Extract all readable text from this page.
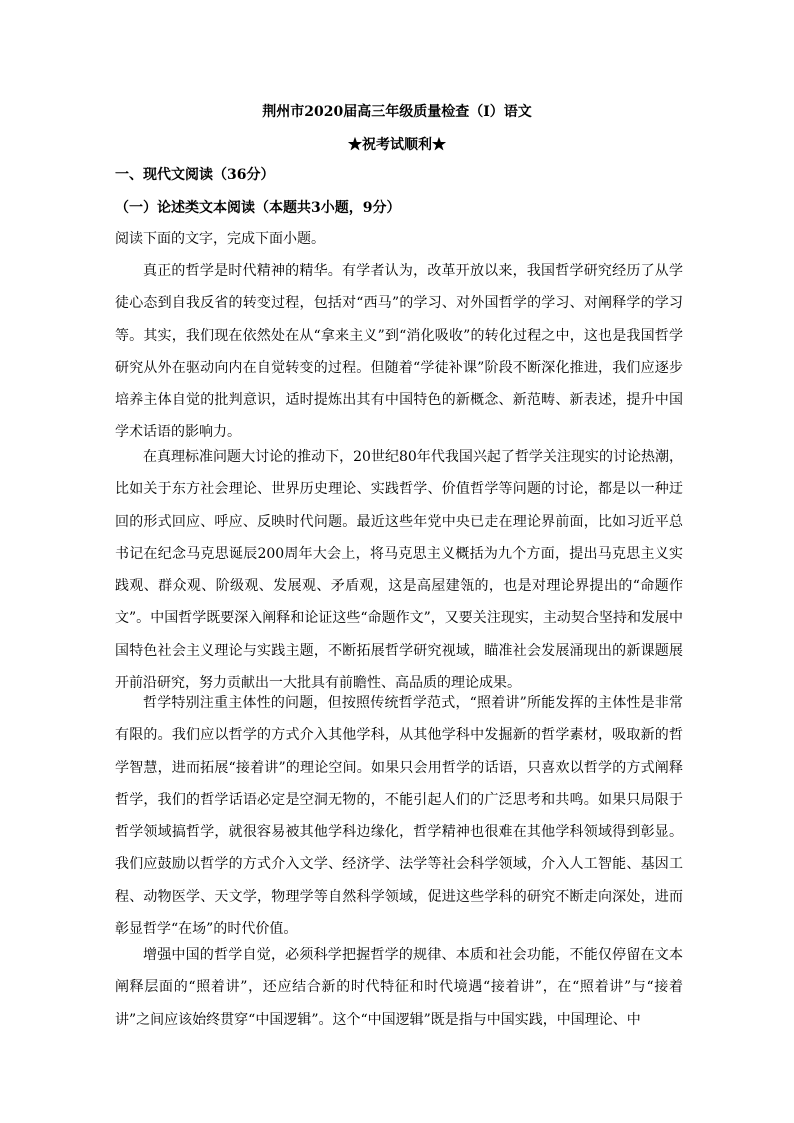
荆州市2020届高三年级质量检查（Ⅰ）语文
★祝考试顺利★
一、现代文阅读（36分）
（一）论述类文本阅读（本题共3小题，9分）
阅读下面的文字，完成下面小题。
真正的哲学是时代精神的精华。有学者认为，改革开放以来，我国哲学研究经历了从学徒心态到自我反省的转变过程，包括对“西马”的学习、对外国哲学的学习、对阐释学的学习等。其实，我们现在依然处在从“拿来主义”到“消化吸收”的转化过程之中，这也是我国哲学研究从外在驱动向内在自觉转变的过程。但随着“学徒补课”阶段不断深化推进，我们应逐步培养主体自觉的批判意识，适时提炼出其有中国特色的新概念、新范畴、新表述，提升中国学术话语的影响力。
在真理标准问题大讨论的推动下，20世纪80年代我国兴起了哲学关注现实的讨论热潮，比如关于东方社会理论、世界历史理论、实践哲学、价值哲学等问题的讨论，都是以一种迂回的形式回应、呼应、反映时代问题。最近这些年党中央已走在理论界前面，比如习近平总书记在纪念马克思诞辰200周年大会上，将马克思主义概括为九个方面，提出马克思主义实践观、群众观、阶级观、发展观、矛盾观，这是高屋建瓴的，也是对理论界提出的“命题作文”。中国哲学既要深入阐释和论证这些“命题作文”，又要关注现实，主动契合坚持和发展中国特色社会主义理论与实践主题，不断拓展哲学研究视域，瞄准社会发展涌现出的新课题展开前沿研究，努力贡献出一大批具有前瞻性、高品质的理论成果。
哲学特别注重主体性的问题，但按照传统哲学范式，“照着讲”所能发挥的主体性是非常有限的。我们应以哲学的方式介入其他学科，从其他学科中发掘新的哲学素材，吸取新的哲学智慧，进而拓展“接着讲”的理论空间。如果只会用哲学的话语，只喜欢以哲学的方式阐释哲学，我们的哲学话语必定是空洞无物的，不能引起人们的广泛思考和共鸣。如果只局限于哲学领域搞哲学，就很容易被其他学科边缘化，哲学精神也很难在其他学科领域得到彰显。我们应鼓励以哲学的方式介入文学、经济学、法学等社会科学领域，介入人工智能、基因工程、动物医学、天文学，物理学等自然科学领域，促进这些学科的研究不断走向深处，进而彰显哲学“在场”的时代价值。
增强中国的哲学自觉，必须科学把握哲学的规律、本质和社会功能，不能仅停留在文本阐释层面的“照着讲”，还应结合新的时代特征和时代境遇“接着讲”，在“照着讲”与“接着讲”之间应该始终贯穿“中国逻辑”。这个“中国逻辑”既是指与中国实践，中国理论、中
